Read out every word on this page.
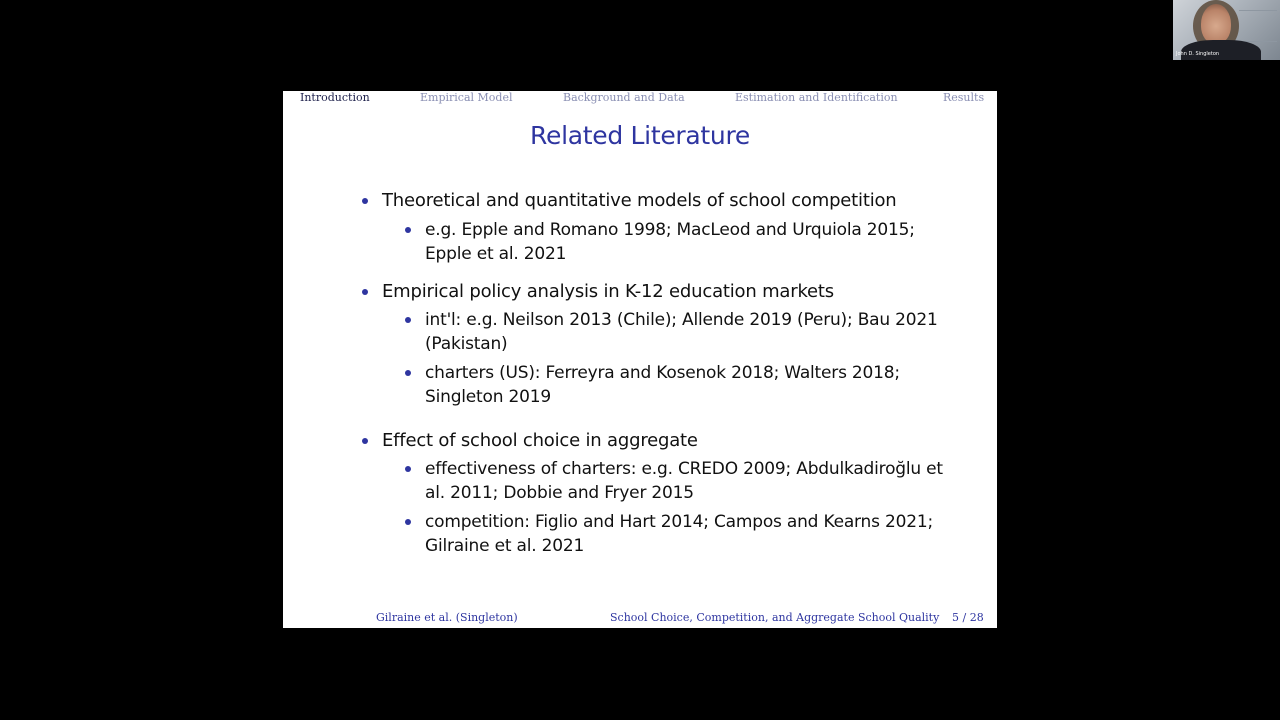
Introduction	Empirical Model	Background and Data	Estimation and Identification	Results
Related Literature
Theoretical and quantitative models of school competition
e.g. Epple and Romano 1998; MacLeod and Urquiola 2015; Epple et al. 2021
Empirical policy analysis in K-12 education markets
int'l: e.g. Neilson 2013 (Chile); Allende 2019 (Peru); Bau 2021 (Pakistan)
charters (US): Ferreyra and Kosenok 2018; Walters 2018; Singleton 2019
Effect of school choice in aggregate
effectiveness of charters: e.g. CREDO 2009; Abdulkadiroğlu et al. 2011; Dobbie and Fryer 2015
competition: Figlio and Hart 2014; Campos and Kearns 2021; Gilraine et al. 2021
Gilraine et al. (Singleton)	School Choice, Competition, and Aggregate School Quality 5 / 28
John D. Singleton
